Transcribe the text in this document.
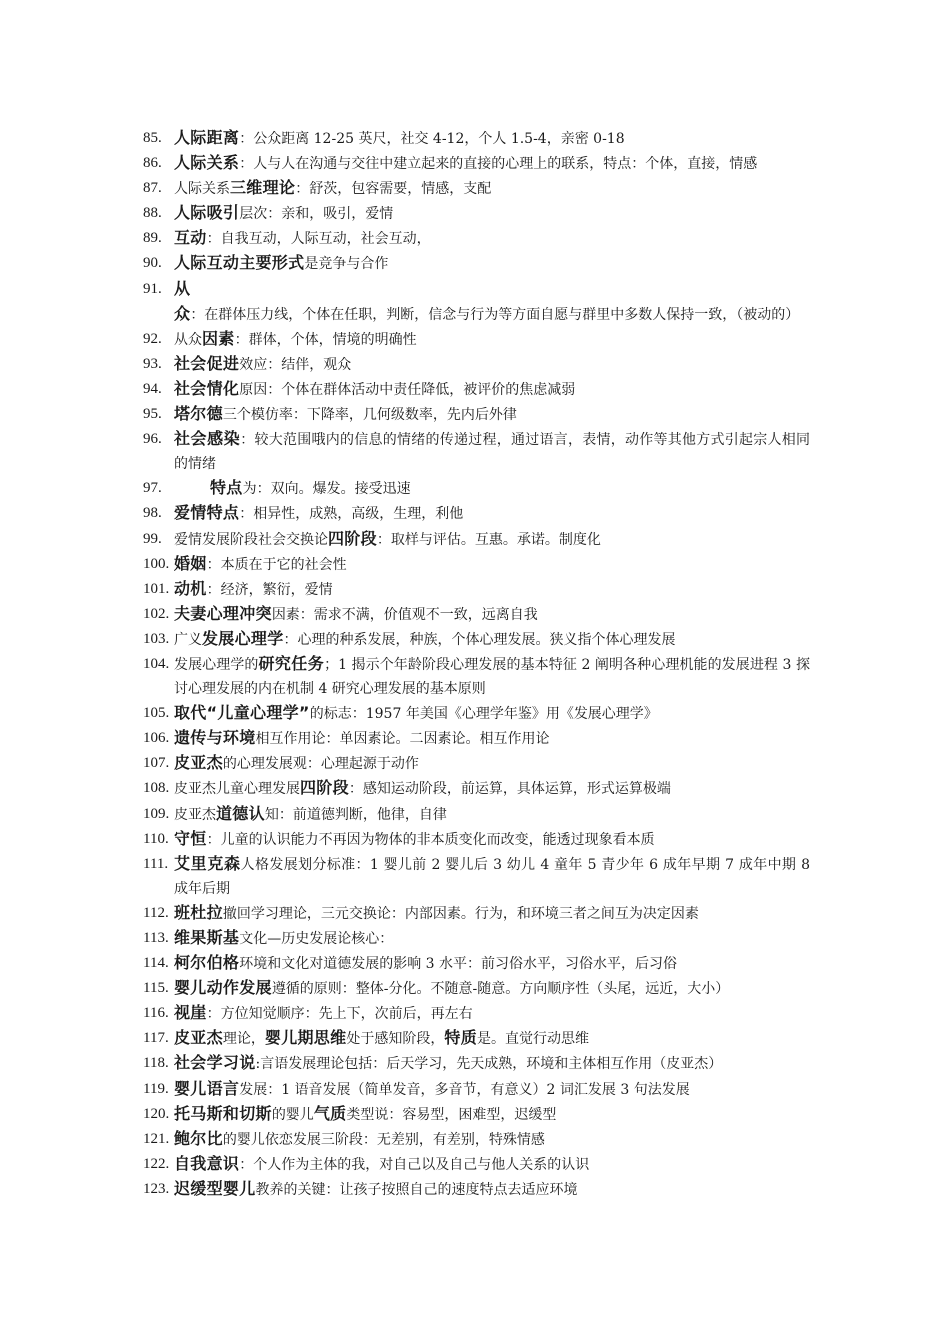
85. 人际距离：公众距离 12-25 英尺，社交 4-12，个人 1.5-4，亲密 0-18
86. 人际关系：人与人在沟通与交往中建立起来的直接的心理上的联系，特点：个体，直接，情感
87. 人际关系三维理论：舒茨，包容需要，情感，支配
88. 人际吸引层次：亲和，吸引，爱情
89. 互动：自我互动，人际互动，社会互动，
90. 人际互动主要形式是竞争与合作
91. 从众：在群体压力线，个体在任职，判断，信念与行为等方面自愿与群里中多数人保持一致，（被动的）
92. 从众因素：群体，个体，情境的明确性
93. 社会促进效应：结伴，观众
94. 社会情化原因：个体在群体活动中责任降低，被评价的焦虑减弱
95. 塔尔德三个模仿率：下降率，几何级数率，先内后外律
96. 社会感染：较大范围哦内的信息的情绪的传递过程，通过语言，表情，动作等其他方式引起宗人相同的情绪
97.	特点为：双向。爆发。接受迅速
98. 爱情特点：相异性，成熟，高级，生理，利他
99. 爱情发展阶段社会交换论四阶段：取样与评估。互惠。承诺。制度化
100. 婚姻：本质在于它的社会性
101. 动机：经济，繁衍，爱情
102. 夫妻心理冲突因素：需求不满，价值观不一致，远离自我
103. 广义发展心理学：心理的种系发展，种族，个体心理发展。狭义指个体心理发展
104. 发展心理学的研究任务；1 揭示个年龄阶段心理发展的基本特征 2 阐明各种心理机能的发展进程 3 探讨心理发展的内在机制 4 研究心理发展的基本原则
105. 取代“儿童心理学”的标志：1957 年美国《心理学年鉴》用《发展心理学》
106. 遗传与环境相互作用论：单因素论。二因素论。相互作用论
107. 皮亚杰的心理发展观：心理起源于动作
108. 皮亚杰儿童心理发展四阶段：感知运动阶段，前运算，具体运算，形式运算极端
109. 皮亚杰道德认知：前道德判断，他律，自律
110. 守恒：儿童的认识能力不再因为物体的非本质变化而改变，能透过现象看本质
111. 艾里克森人格发展划分标准：1 婴儿前 2 婴儿后 3 幼儿 4 童年 5 青少年 6 成年早期 7 成年中期 8 成年后期
112. 班杜拉撤回学习理论，三元交换论：内部因素。行为，和环境三者之间互为决定因素
113. 维果斯基文化—历史发展论核心：
114. 柯尔伯格环境和文化对道德发展的影响 3 水平：前习俗水平，习俗水平，后习俗
115. 婴儿动作发展遵循的原则：整体-分化。不随意-随意。方向顺序性（头尾，远近，大小）
116. 视崖：方位知觉顺序：先上下，次前后，再左右
117. 皮亚杰理论，婴儿期思维处于感知阶段，特质是。直觉行动思维
118. 社会学习说:言语发展理论包括：后天学习，先天成熟，环境和主体相互作用（皮亚杰）
119. 婴儿语言发展：1 语音发展（简单发音，多音节，有意义）2 词汇发展 3 句法发展
120. 托马斯和切斯的婴儿气质类型说：容易型，困难型，迟缓型
121. 鲍尔比的婴儿依恋发展三阶段：无差别，有差别，特殊情感
122. 自我意识：个人作为主体的我，对自己以及自己与他人关系的认识
123. 迟缓型婴儿教养的关键：让孩子按照自己的速度特点去适应环境
